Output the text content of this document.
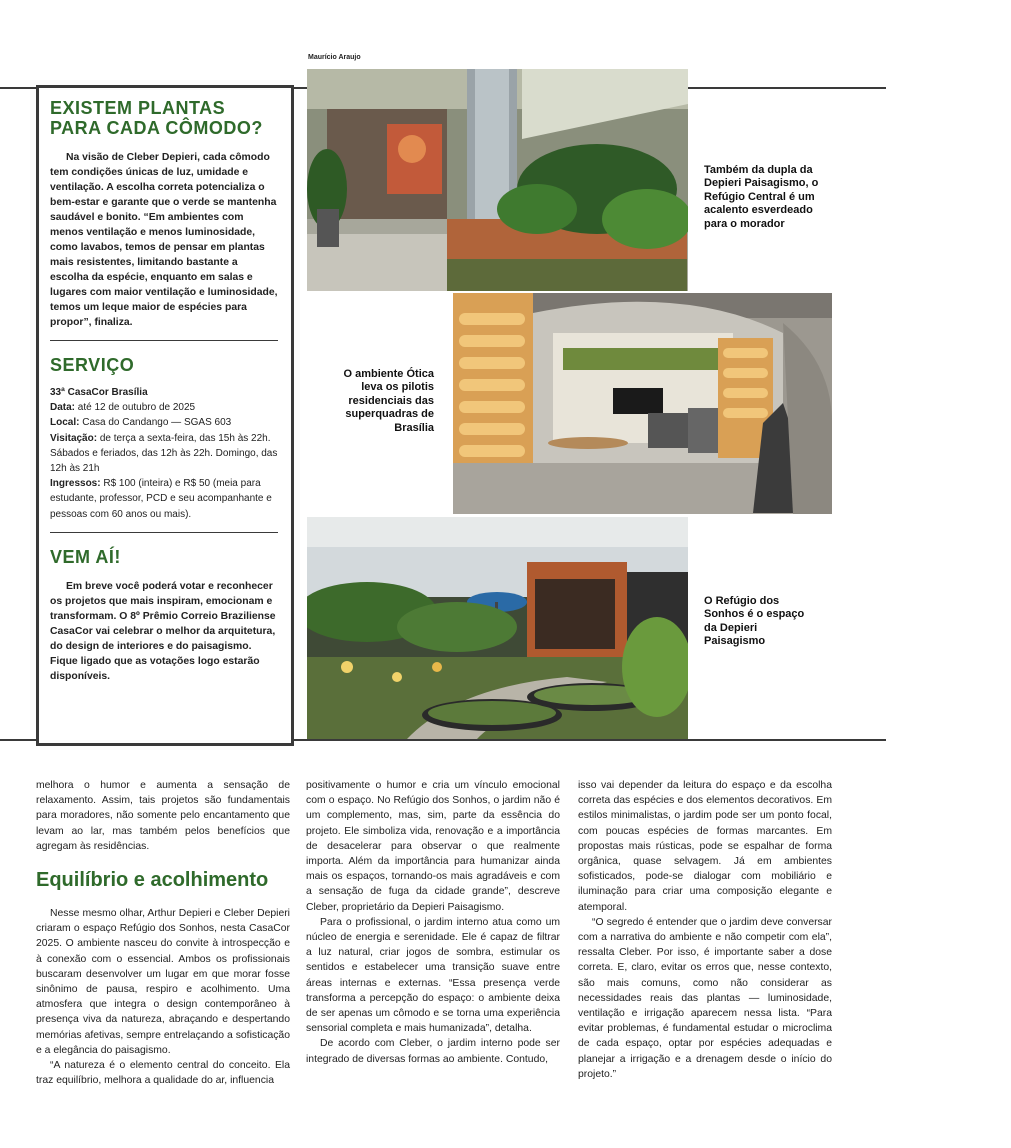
Maurício Araujo
EXISTEM PLANTAS
PARA CADA CÔMODO?

Na visão de Cleber Depieri, cada cômodo tem condições únicas de luz, umidade e ventilação. A escolha correta potencializa o bem-estar e garante que o verde se mantenha saudável e bonito. “Em ambientes com menos ventilação e menos luminosidade, como lavabos, temos de pensar em plantas mais resistentes, limitando bastante a escolha da espécie, enquanto em salas e lugares com maior ventilação e luminosidade, temos um leque maior de espécies para propor”, finaliza.

SERVIÇO

33ª CasaCor Brasília

Data: até 12 de outubro de 2025

Local: Casa do Candango — SGAS 603

Visitação: de terça a sexta-feira, das 15h às 22h. Sábados e feriados, das 12h às 22h. Domingo, das 12h às 21h

Ingressos: R$ 100 (inteira) e R$ 50 (meia para estudante, professor, PCD e seu acompanhante e pessoas com 60 anos ou mais).

VEM AÍ!

Em breve você poderá votar e reconhecer os projetos que mais inspiram, emocionam e transformam. O 8º Prêmio Correio Braziliense CasaCor vai celebrar o melhor da arquitetura, do design de interiores e do paisagismo. Fique ligado que as votações logo estarão disponíveis.

Também da dupla da Depieri Paisagismo, o Refúgio Central é um acalento esverdeado para o morador
O ambiente Ótica leva os pilotis residenciais das superquadras de Brasília
O Refúgio dos Sonhos é o espaço da Depieri Paisagismo

melhora o humor e aumenta a sensação de relaxamento. Assim, tais projetos são fundamentais para moradores, não somente pelo encantamento que levam ao lar, mas também pelos benefícios que agregam às residências.

Equilíbrio e acolhimento

Nesse mesmo olhar, Arthur Depieri e Cleber Depieri criaram o espaço Refúgio dos Sonhos, nesta CasaCor 2025. O ambiente nasceu do convite à introspecção e à conexão com o essencial. Ambos os profissionais buscaram desenvolver um lugar em que morar fosse sinônimo de pausa, respiro e acolhimento. Uma atmosfera que integra o design contemporâneo à presença viva da natureza, abraçando e despertando memórias afetivas, sempre entrelaçando a sofisticação e a elegância do paisagismo.

“A natureza é o elemento central do conceito. Ela traz equilíbrio, melhora a qualidade do ar, influencia

positivamente o humor e cria um vínculo emocional com o espaço. No Refúgio dos Sonhos, o jardim não é um complemento, mas, sim, parte da essência do projeto. Ele simboliza vida, renovação e a importância de desacelerar para observar o que realmente importa. Além da importância para humanizar ainda mais os espaços, tornando-os mais agradáveis e com a sensação de fuga da cidade grande”, descreve Cleber, proprietário da Depieri Paisagismo.

Para o profissional, o jardim interno atua como um núcleo de energia e serenidade. Ele é capaz de filtrar a luz natural, criar jogos de sombra, estimular os sentidos e estabelecer uma transição suave entre áreas internas e externas. “Essa presença verde transforma a percepção do espaço: o ambiente deixa de ser apenas um cômodo e se torna uma experiência sensorial completa e mais humanizada”, detalha.

De acordo com Cleber, o jardim interno pode ser integrado de diversas formas ao ambiente. Contudo,

isso vai depender da leitura do espaço e da escolha correta das espécies e dos elementos decorativos. Em estilos minimalistas, o jardim pode ser um ponto focal, com poucas espécies de formas marcantes. Em propostas mais rústicas, pode se espalhar de forma orgânica, quase selvagem. Já em ambientes sofisticados, pode-se dialogar com mobiliário e iluminação para criar uma composição elegante e atemporal.

“O segredo é entender que o jardim deve conversar com a narrativa do ambiente e não competir com ela”, ressalta Cleber. Por isso, é importante saber a dose correta. E, claro, evitar os erros que, nesse contexto, são mais comuns, como não considerar as necessidades reais das plantas — luminosidade, ventilação e irrigação aparecem nessa lista. “Para evitar problemas, é fundamental estudar o microclima de cada espaço, optar por espécies adequadas e planejar a irrigação e a drenagem desde o início do projeto.”
